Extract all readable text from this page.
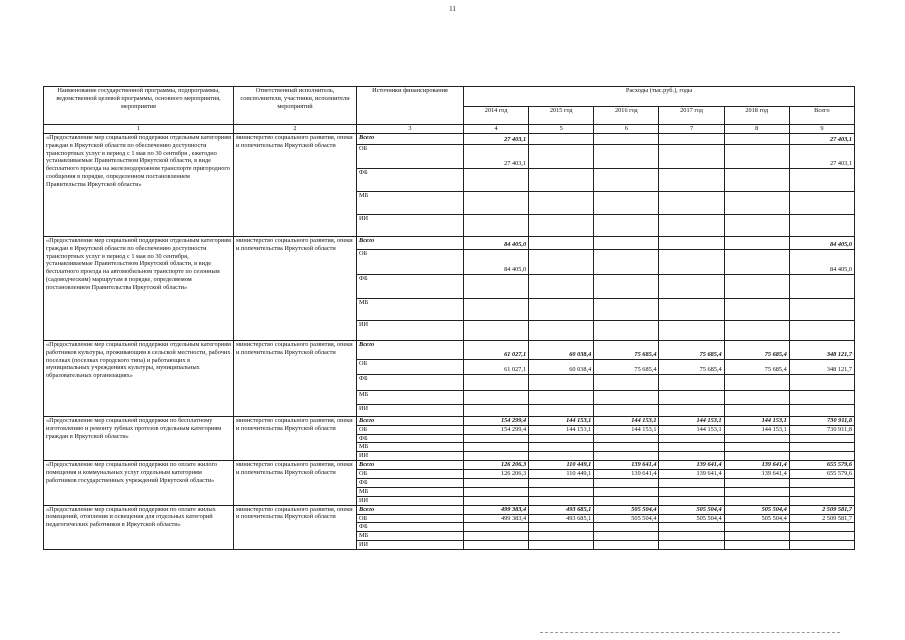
11
Наименование государственной программы, подпрограммы, ведомственной целевой программы, основного мероприятия, мероприятия	Ответственный исполнитель, соисполнители, участники, исполнители мероприятий	Источники финансирования	Расходы (тыс.руб.), годы					
			2014 год	2015 год	2016 год	2017 год	2018 год	Всего
1	2	3	4	5	6	7	8	9
«Предоставление мер социальной поддержки отдельным категориям граждан в Иркутской области по обеспечению доступности транспортных услуг в период с 1 мая по 30 сентября , ежегодно устанавливаемые Правительством Иркутской области, в виде бесплатного проезда на железнодорожном транспорте пригородного сообщения в порядке, определенном постановлением Правительства Иркутской области»	министерство социального развития, опеки и попечительства Иркутской области	Всего	27 403,1					27 403,1
		ОБ	27 403,1					27 403,1
		ФБ						
		МБ						
		ИИ						
«Предоставление мер социальной поддержки отдельным категориям граждан в Иркутской области по обеспечению доступности транспортных услуг в период с 1 мая по 30 сентября, устанавливаемые Правительством Иркутской области, в виде бесплатного проезда на автомобильном транспорте по сезонным (садоводческим) маршрутам в порядке, определяемом постановлением Правительства Иркутской области»	министерство социального развития, опеки и попечительства Иркутской области	Всего	84 405,0					84 405,0
		ОБ	84 405,0					84 405,0
		ФБ						
		МБ						
		ИИ						
«Предоставление мер социальной поддержки отдельным категориям работников культуры, проживающим в сельской местности, рабочих поселках (поселках городского типа) и работающих в муниципальных учреждениях культуры, муниципальных образовательных организациях»	министерство социального развития, опеки и попечительства Иркутской области	Всего	61 027,1	60 038,4	75 685,4	75 685,4	75 685,4	348 121,7
		ОБ	61 027,1	60 038,4	75 685,4	75 685,4	75 685,4	348 121,7
		ФБ						
		МБ						
		ИИ						
«Предоставление мер социальной поддержки по бесплатному изготовлению и ремонту зубных протезов отдельным категориям граждан в Иркутской области»	министерство социального развития, опеки и попечительства Иркутской области	Всего	154 299,4	144 153,1	144 153,1	144 153,1	144 153,1	730 911,8
		ОБ	154 299,4	144 153,1	144 153,1	144 153,1	144 153,1	730 911,8
		ФБ						
		МБ						
		ИИ						
«Предоставление мер социальной поддержки по оплате жилого помещения и коммунальных услуг отдельным категориям работников государственных учреждений Иркутской области»	министерство социального развития, опеки и попечительства Иркутской области	Всего	126 206,3	110 449,1	139 641,4	139 641,4	139 641,4	655 579,6
		ОБ	126 206,3	110 449,1	139 641,4	139 641,4	139 641,4	655 579,6
		ФБ						
		МБ						
		ИИ						
«Предоставление мер социальной поддержки по оплате жилых помещений, отопления и освещения для отдельных категорий педагогических работников в Иркутской области»	министерство социального развития, опеки и попечительства Иркутской области	Всего	499 383,4	493 685,1	505 504,4	505 504,4	505 504,4	2 509 581,7
		ОБ	499 383,4	493 685,1	505 504,4	505 504,4	505 504,4	2 509 581,7
		ФБ						
		МБ						
		ИИ						
